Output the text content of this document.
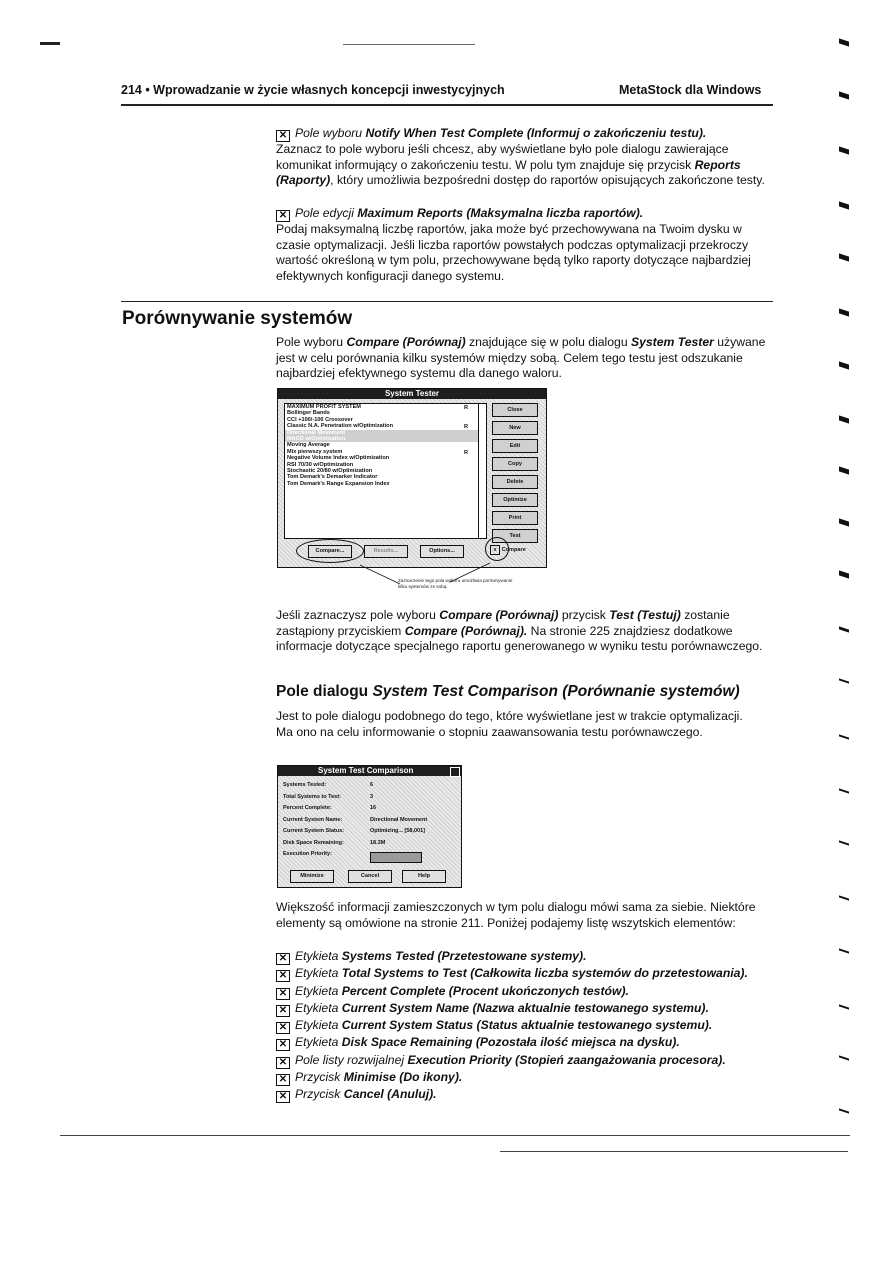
214 • Wprowadzanie w życie własnych koncepcji inwestycyjnych	MetaStock dla Windows
✕ Pole wyboru Notify When Test Complete (Informuj o zakończeniu testu).
Zaznacz to pole wyboru jeśli chcesz, aby wyświetlane było pole dialogu zawierające komunikat informujący o zakończeniu testu. W polu tym znajduje się przycisk Reports (Raporty), który umożliwia bezpośredni dostęp do raportów opisujących zakończone testy.
✕ Pole edycji Maximum Reports (Maksymalna liczba raportów).
Podaj maksymalną liczbę raportów, jaka może być przechowywana na Twoim dysku w czasie optymalizacji. Jeśli liczba raportów powstałych podczas optymalizacji przekroczy wartość określoną w tym polu, przechowywane będą tylko raporty dotyczące najbardziej efektywnych konfiguracji danego systemu.
Porównywanie systemów
Pole wyboru Compare (Porównaj) znajdujące się w polu dialogu System Tester używane jest w celu porównania kilku systemów między sobą. Celem tego testu jest odszukanie najbardziej efektywnego systemu dla danego waloru.
System Tester
MAXIMUM PROFIT SYSTEM
Bollinger Bands
CCI +100/-100 Crossover
Classic N.A. Penetration w/Optimization
Directional Movement
MACD w/Optimization
Moving Average
Mix pierwszy system
Negative Volume Index w/Optimization
RSI 70/30 w/Optimization
Stochastic 20/80 w/Optimization
Tom Demark's Demarker Indicator
Tom Demark's Range Expansion Index
R
R
R
Close
New
Edit
Copy
Delete
Optimize
Print
Test
Compare...	Results...	Options...	x Compare
Zaznaczenie tego pola wyboru umożliwia porównywanie kilku systemów ze sobą.
Jeśli zaznaczysz pole wyboru Compare (Porównaj) przycisk Test (Testuj) zostanie zastąpiony przyciskiem Compare (Porównaj). Na stronie 225 znajdziesz dodatkowe informacje dotyczące specjalnego raportu generowanego w wyniku testu porównawczego.
Pole dialogu System Test Comparison (Porównanie systemów)
Jest to pole dialogu podobnego do tego, które wyświetlane jest w trakcie optymalizacji. Ma ono na celu informowanie o stopniu zaawansowania testu porównawczego.
System Test Comparison
Systems Tested:	6
Total Systems to Test:	3
Percent Complete:	16
Current System Name:	Directional Movement
Current System Status:	Optimizing... [58,001]
Disk Space Remaining:	18.3M
Execution Priority:
Minimize	Cancel	Help
Większość informacji zamieszczonych w tym polu dialogu mówi sama za siebie. Niektóre elementy są omówione na stronie 211. Poniżej podajemy listę wszytskich elementów:
✕ Etykieta Systems Tested (Przetestowane systemy).
✕ Etykieta Total Systems to Test (Całkowita liczba systemów do przetestowania).
✕ Etykieta Percent Complete (Procent ukończonych testów).
✕ Etykieta Current System Name (Nazwa aktualnie testowanego systemu).
✕ Etykieta Current System Status (Status aktualnie testowanego systemu).
✕ Etykieta Disk Space Remaining (Pozostała ilość miejsca na dysku).
✕ Pole listy rozwijalnej Execution Priority (Stopień zaangażowania procesora).
✕ Przycisk Minimise (Do ikony).
✕ Przycisk Cancel (Anuluj).
